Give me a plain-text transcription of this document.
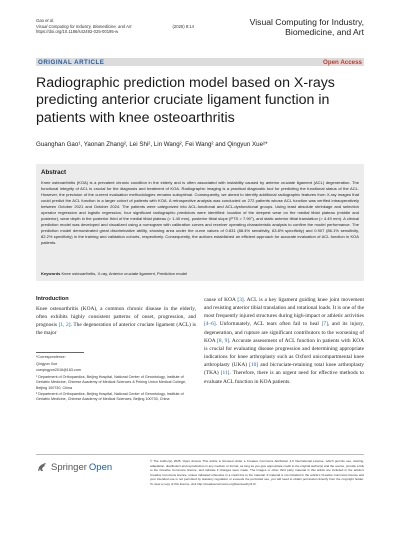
Gao et al.
Visual Computing for Industry, Biomedicine, and Art	(2025) 8:14
https://doi.org/10.1186/s42492-025-00195-w
Visual Computing for Industry,
Biomedicine, and Art
ORIGINAL ARTICLE	Open Access
Radiographic prediction model based on X-rays predicting anterior cruciate ligament function in patients with knee osteoarthritis
Guanghan Gao¹, Yaonan Zhang², Lei Shi², Lin Wang², Fei Wang² and Qingyun Xue²*
Abstract
Knee osteoarthritis (KOA) is a prevalent chronic condition in the elderly and is often associated with instability caused by anterior cruciate ligament (ACL) degeneration. The functional integrity of ACL is crucial for the diagnosis and treatment of KOA. Radiographic imaging is a practical diagnostic tool for predicting the functional status of the ACL. However, the precision of the current evaluation methodologies remains suboptimal. Consequently, we aimed to identify additional radiographic features from X-ray images that could predict the ACL function in a larger cohort of patients with KOA. A retrospective analysis was conducted on 272 patients whose ACL function was verified intraoperatively between October 2021 and October 2024. The patients were categorized into ACL-functional and ACL-dysfunctional groups. Using least absolute shrinkage and selection operator regression and logistic regression, four significant radiographic predictors were identified: location of the deepest wear on the medial tibial plateau (middle and posterior), wear depth in the posterior third of the medial tibial plateau (> 1.40 mm), posterior tibial slope (PTS > 7.90°), and static anterior tibial translation (> 4.49 mm). A clinical prediction model was developed and visualized using a nomogram with calibration curves and receiver operating characteristic analysis to confirm the model performance. The prediction model demonstrated great discriminative ability, showing area under the curve values of 0.831 (88.4% sensitivity, 63.8% specificity) and 0.907 (86.1% sensitivity, 82.2% specificity) in the training and validation cohorts, respectively. Consequently, the authors established an efficient approach for accurate evaluation of ACL function in KOA patients.
Keywords Knee osteoarthritis, X-ray, Anterior cruciate ligament, Prediction model
Introduction

Knee osteoarthritis (KOA), a common chronic disease in the elderly, often exhibits highly consistent patterns of onset, progression, and prognosis [1, 2]. The degeneration of anterior cruciate ligament (ACL) is the major

cause of KOA [3]. ACL is a key ligament guiding knee joint movement and resisting anterior tibial translation and rotational loads. It is one of the most frequently injured structures during high-impact or athletic activities [4–6]. Unfortunately, ACL tears often fail to heal [7], and its injury, degeneration, and rupture are significant contributors to the worsening of KOA [8, 9]. Accurate assessment of ACL function in patients with KOA is crucial for evaluating disease progression and determining appropriate indications for knee arthroplasty such as Oxford unicompartmental knee arthroplasty (UKA) [10] and bicruciate-retaining total knee arthroplasty (TKA) [11]. Therefore, there is an urgent need for effective methods to evaluate ACL function in KOA patients.

*Correspondence:

Qingyun Xue

xueqingyun2016@163.com

¹ Department of Orthopaedics, Beijing Hospital, National Center of Gerontology, Institute of Geriatric Medicine, Chinese Academy of Medical Sciences & Peking Union Medical College, Beijing 100730, China

² Department of Orthopaedics, Beijing Hospital, National Center of Gerontology, Institute of Geriatric Medicine, Chinese Academy of Medical Sciences, Beijing 100730, China

Springer Open
© The Author(s) 2025. Open Access This article is licensed under a Creative Commons Attribution 4.0 International License, which permits use, sharing, adaptation, distribution and reproduction in any medium or format, as long as you give appropriate credit to the original author(s) and the source, provide a link to the Creative Commons licence, and indicate if changes were made. The images or other third party material in this article are included in the article's Creative Commons licence, unless indicated otherwise in a credit line to the material. If material is not included in the article's Creative Commons licence and your intended use is not permitted by statutory regulation or exceeds the permitted use, you will need to obtain permission directly from the copyright holder. To view a copy of this licence, visit http://creativecommons.org/licenses/by/4.0/.
